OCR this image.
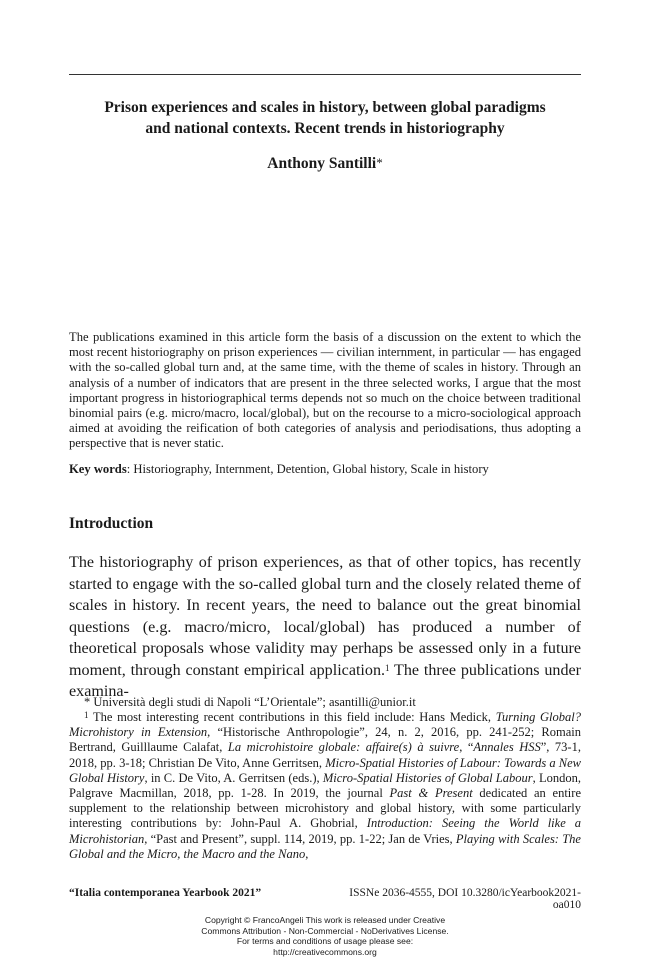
Prison experiences and scales in history, between global paradigms
and national contexts. Recent trends in historiography
Anthony Santilli*

The publications examined in this article form the basis of a discussion on the extent to which the most recent historiography on prison experiences — civilian internment, in particular — has engaged with the so-called global turn and, at the same time, with the theme of scales in history. Through an analysis of a number of indicators that are present in the three selected works, I argue that the most important progress in historiographical terms depends not so much on the choice between traditional binomial pairs (e.g. micro/macro, local/global), but on the recourse to a micro-sociological approach aimed at avoiding the reification of both categories of analysis and periodisations, thus adopting a perspective that is never static.

Key words: Historiography, Internment, Detention, Global history, Scale in history
Introduction
The historiography of prison experiences, as that of other topics, has recently started to engage with the so-called global turn and the closely related theme of scales in history. In recent years, the need to balance out the great binomial questions (e.g. macro/micro, local/global) has produced a number of theoretical proposals whose validity may perhaps be assessed only in a future moment, through constant empirical application.$^1$ The three publications under examina-
* Università degli studi di Napoli “L’Orientale”; asantilli@unior.it
$^1$ The most interesting recent contributions in this field include: Hans Medick, Turning Global? Microhistory in Extension, “Historische Anthropologie”, 24, n. 2, 2016, pp. 241-252; Romain Bertrand, Guilllaume Calafat, La microhistoire globale: affaire(s) à suivre, “Annales HSS”, 73-1, 2018, pp. 3-18; Christian De Vito, Anne Gerritsen, Micro-Spatial Histories of Labour: Towards a New Global History, in C. De Vito, A. Gerritsen (eds.), Micro-Spatial Histories of Global Labour, London, Palgrave Macmillan, 2018, pp. 1-28. In 2019, the journal Past & Present dedicated an entire supplement to the relationship between microhistory and global history, with some particularly interesting contributions by: John-Paul A. Ghobrial, Introduction: Seeing the World like a Microhistorian, “Past and Present”, suppl. 114, 2019, pp. 1-22; Jan de Vries, Playing with Scales: The Global and the Micro, the Macro and the Nano,
“Italia contemporanea Yearbook 2021”	ISSNe 2036-4555, DOI 10.3280/icYearbook2021-oa010
Copyright © FrancoAngeli This work is released under Creative
Commons Attribution - Non-Commercial - NoDerivatives License.
For terms and conditions of usage please see:
http://creativecommons.org
